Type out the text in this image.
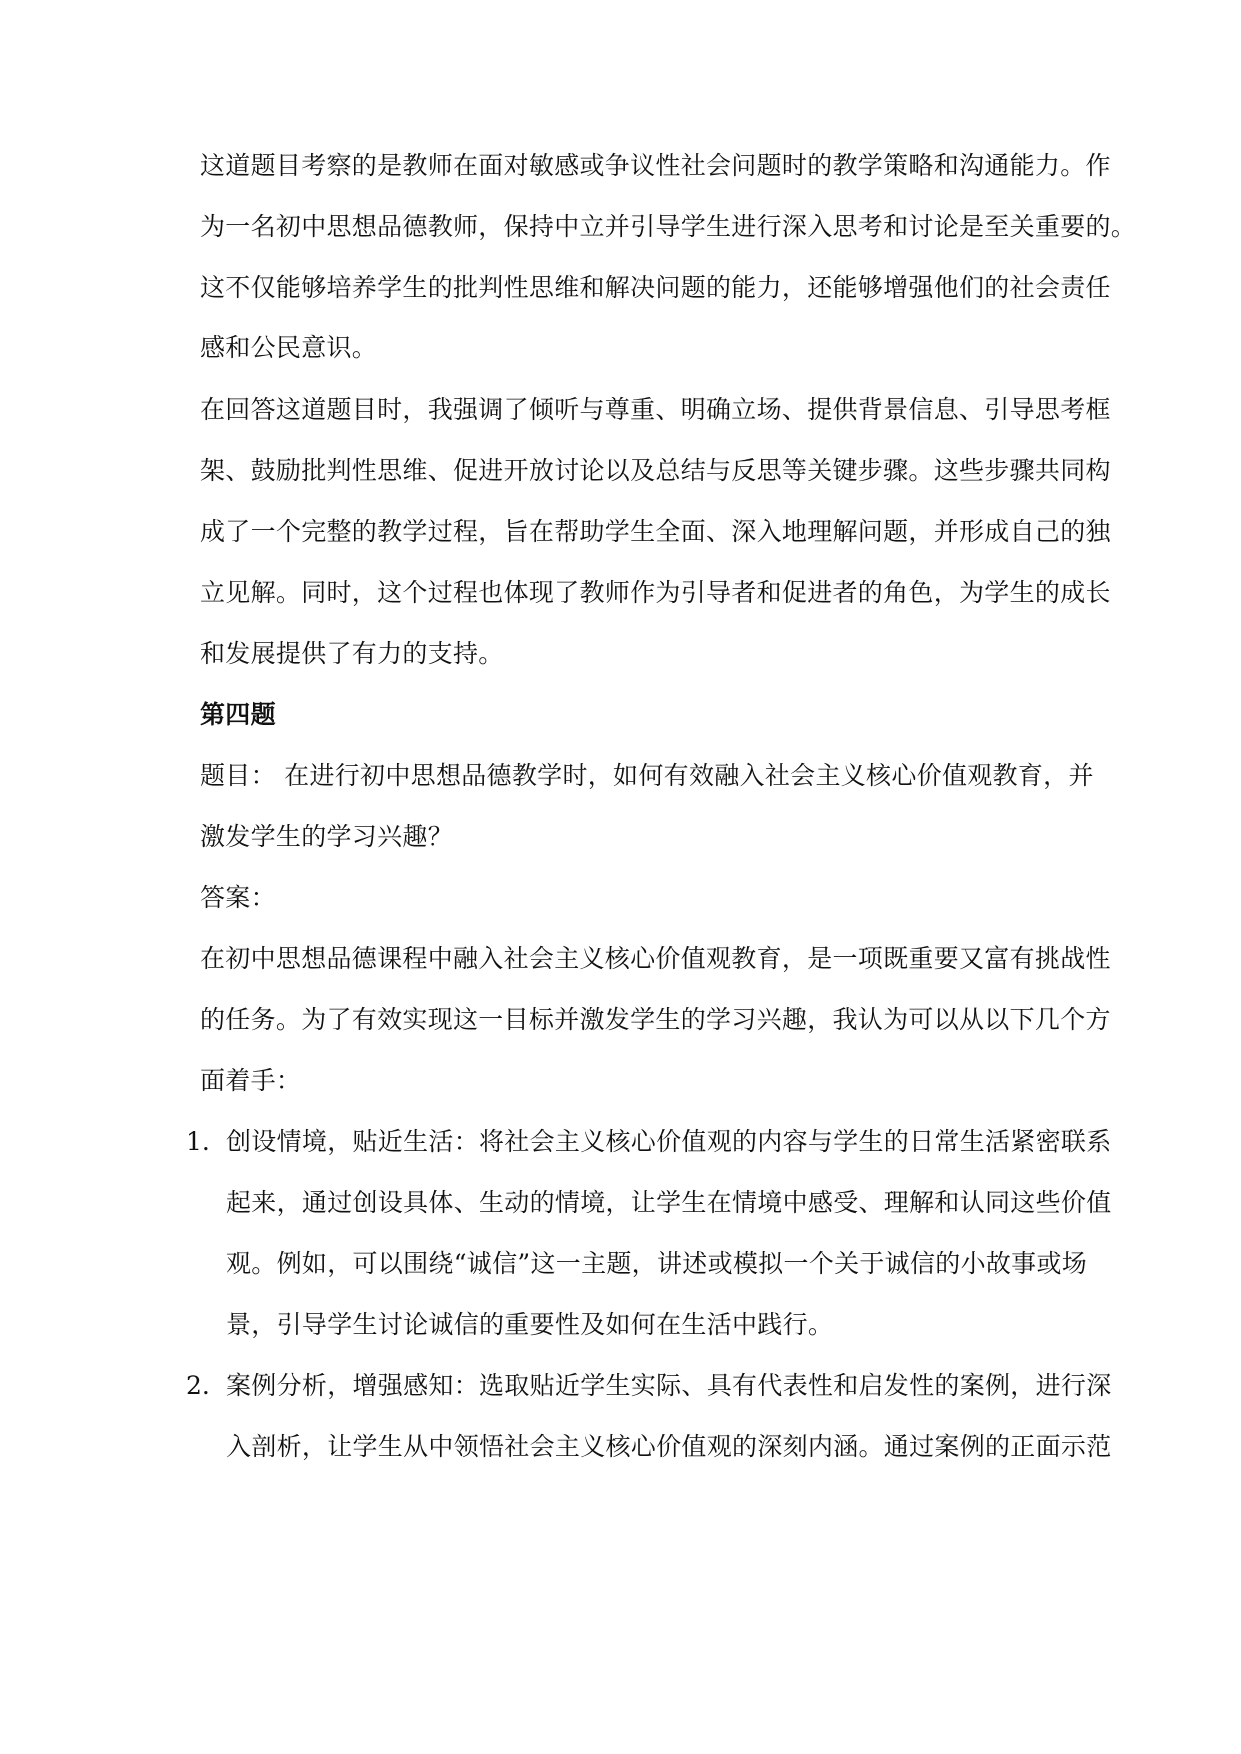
这道题目考察的是教师在面对敏感或争议性社会问题时的教学策略和沟通能力。作
为一名初中思想品德教师，保持中立并引导学生进行深入思考和讨论是至关重要的。
这不仅能够培养学生的批判性思维和解决问题的能力，还能够增强他们的社会责任
感和公民意识。
在回答这道题目时，我强调了倾听与尊重、明确立场、提供背景信息、引导思考框
架、鼓励批判性思维、促进开放讨论以及总结与反思等关键步骤。这些步骤共同构
成了一个完整的教学过程，旨在帮助学生全面、深入地理解问题，并形成自己的独
立见解。同时，这个过程也体现了教师作为引导者和促进者的角色，为学生的成长
和发展提供了有力的支持。
第四题
题目： 在进行初中思想品德教学时，如何有效融入社会主义核心价值观教育，并
激发学生的学习兴趣？
答案：
在初中思想品德课程中融入社会主义核心价值观教育，是一项既重要又富有挑战性
的任务。为了有效实现这一目标并激发学生的学习兴趣，我认为可以从以下几个方
面着手：
1. 创设情境，贴近生活：将社会主义核心价值观的内容与学生的日常生活紧密联系
起来，通过创设具体、生动的情境，让学生在情境中感受、理解和认同这些价值
观。例如，可以围绕“诚信”这一主题，讲述或模拟一个关于诚信的小故事或场
景，引导学生讨论诚信的重要性及如何在生活中践行。
2. 案例分析，增强感知：选取贴近学生实际、具有代表性和启发性的案例，进行深
入剖析，让学生从中领悟社会主义核心价值观的深刻内涵。通过案例的正面示范
